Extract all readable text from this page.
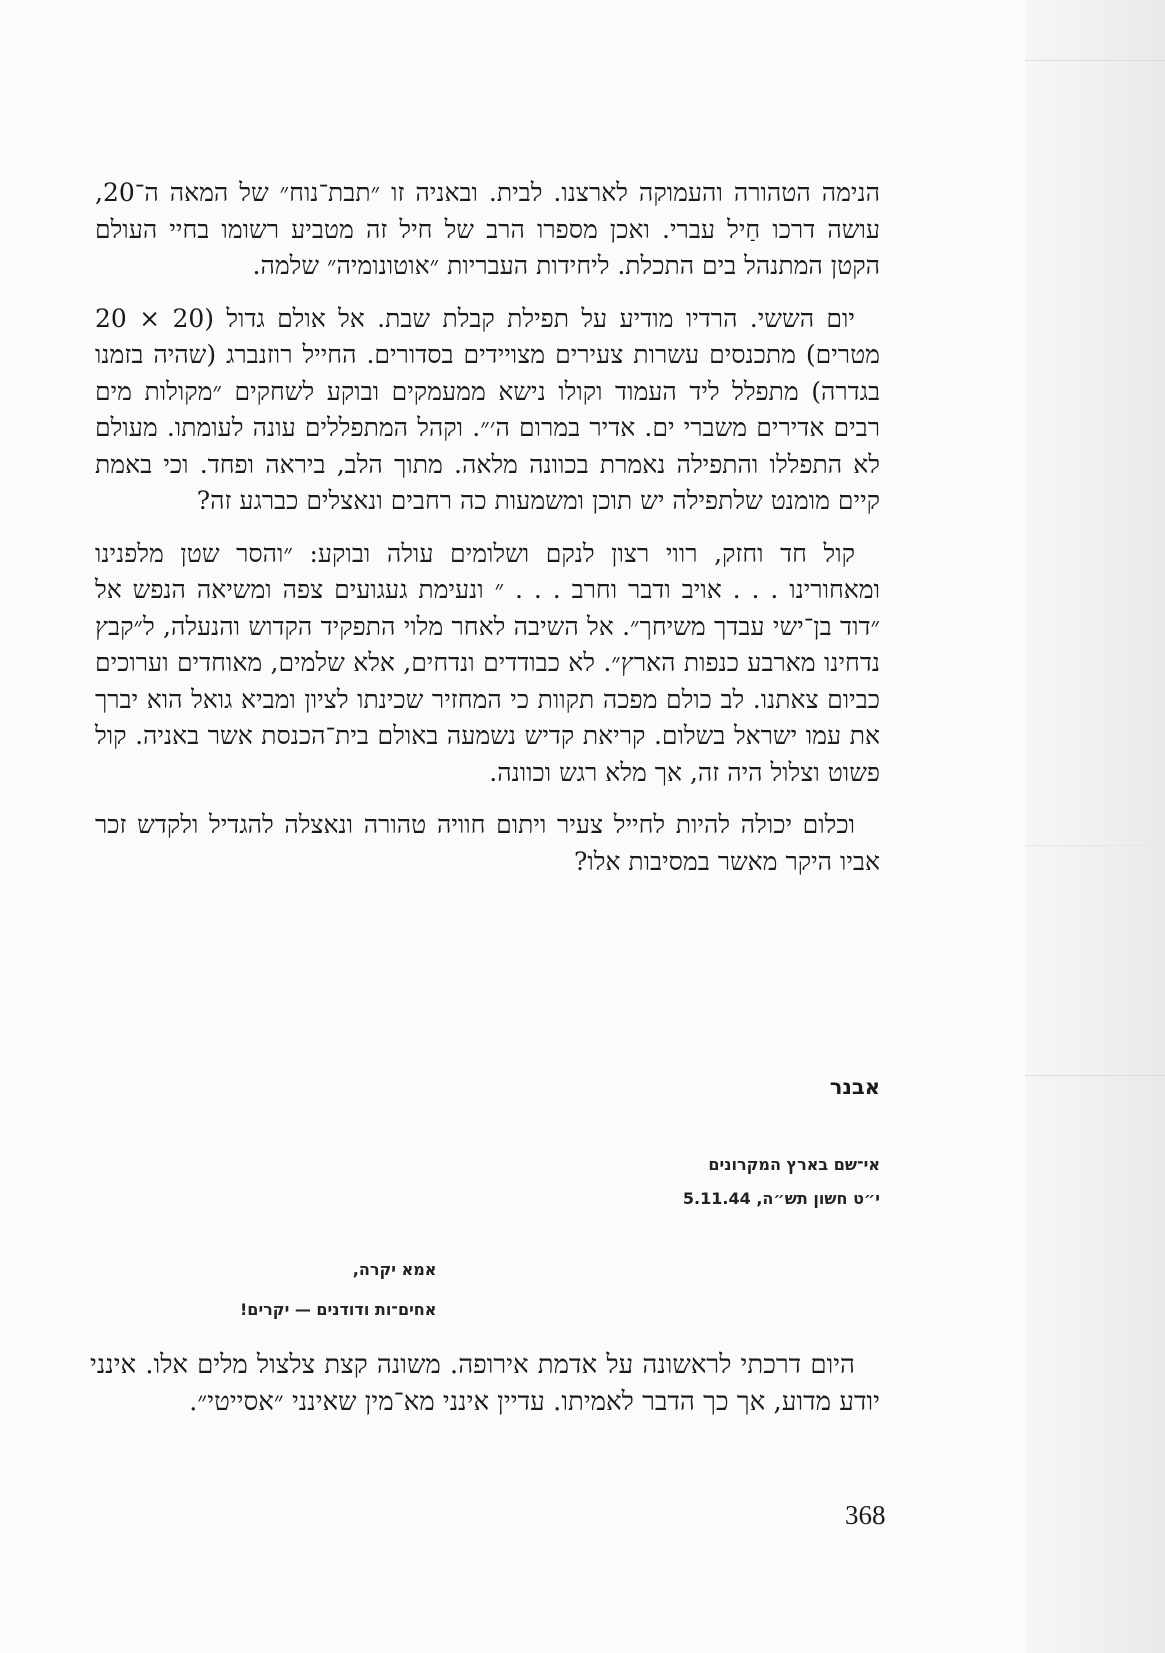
הנימה הטהורה והעמוקה לארצנו. לבית. ובאניה זו ״תבת־נוח״ של המאה ה־20, עושה דרכו חַיל עברי. ואכן מספרו הרב של חיל זה מטביע רשומו בחיי העולם הקטן המתנהל בים התכלת. ליחידות העבריות ״אוטונומיה״ שלמה.

יום הששי. הרדיו מודיע על תפילת קבלת שבת. אל אולם גדול (20 × 20 מטרים) מתכנסים עשרות צעירים מצויידים בסדורים. החייל רוזנברג (שהיה בזמנו בגדרה) מתפלל ליד העמוד וקולו נישא ממעמקים ובוקע לשחקים ״מקולות מים רבים אדירים משברי ים. אדיר במרום ה׳״. וקהל המתפללים עונה לעומתו. מעולם לא התפללו והתפילה נאמרת בכוונה מלאה. מתוך הלב, ביראה ופחד. וכי באמת קיים מומנט שלתפילה יש תוכן ומשמעות כה רחבים ונאצלים כברגע זה?

קול חד וחזק, רווי רצון לנקם ושלומים עולה ובוקע: ״והסר שטן מלפנינו ומאחורינו . . . אויב ודבר וחרב . . . ״ ונעימת געגועים צפה ומשיאה הנפש אל ״דוד בן־ישי עבדך משיחך״. אל השיבה לאחר מלוי התפקיד הקדוש והנעלה, ל״קבץ נדחינו מארבע כנפות הארץ״. לא כבודדים ונדחים, אלא שלמים, מאוחדים וערוכים כביום צאתנו. לב כולם מפכה תקוות כי המחזיר שכינתו לציון ומביא גואל הוא יברך את עמו ישראל בשלום. קריאת קדיש נשמעה באולם בית־הכנסת אשר באניה. קול פשוט וצלול היה זה, אך מלא רגש וכוונה.

וכלום יכולה להיות לחייל צעיר ויתום חוויה טהורה ונאצלה להגדיל ולקדש זכר אביו היקר מאשר במסיבות אלו?

אבנר
אי־שם בארץ המקרונים
י״ט חשון תש״ה, 5.11.44
אמא יקרה,
אחים־ות ודודנים — יקרים!
היום דרכתי לראשונה על אדמת אירופה. משונה קצת צלצול מלים אלו. אינני יודע מדוע, אך כך הדבר לאמיתו. עדיין אינני מא־מין שאינני ״אסייטי״.
368
